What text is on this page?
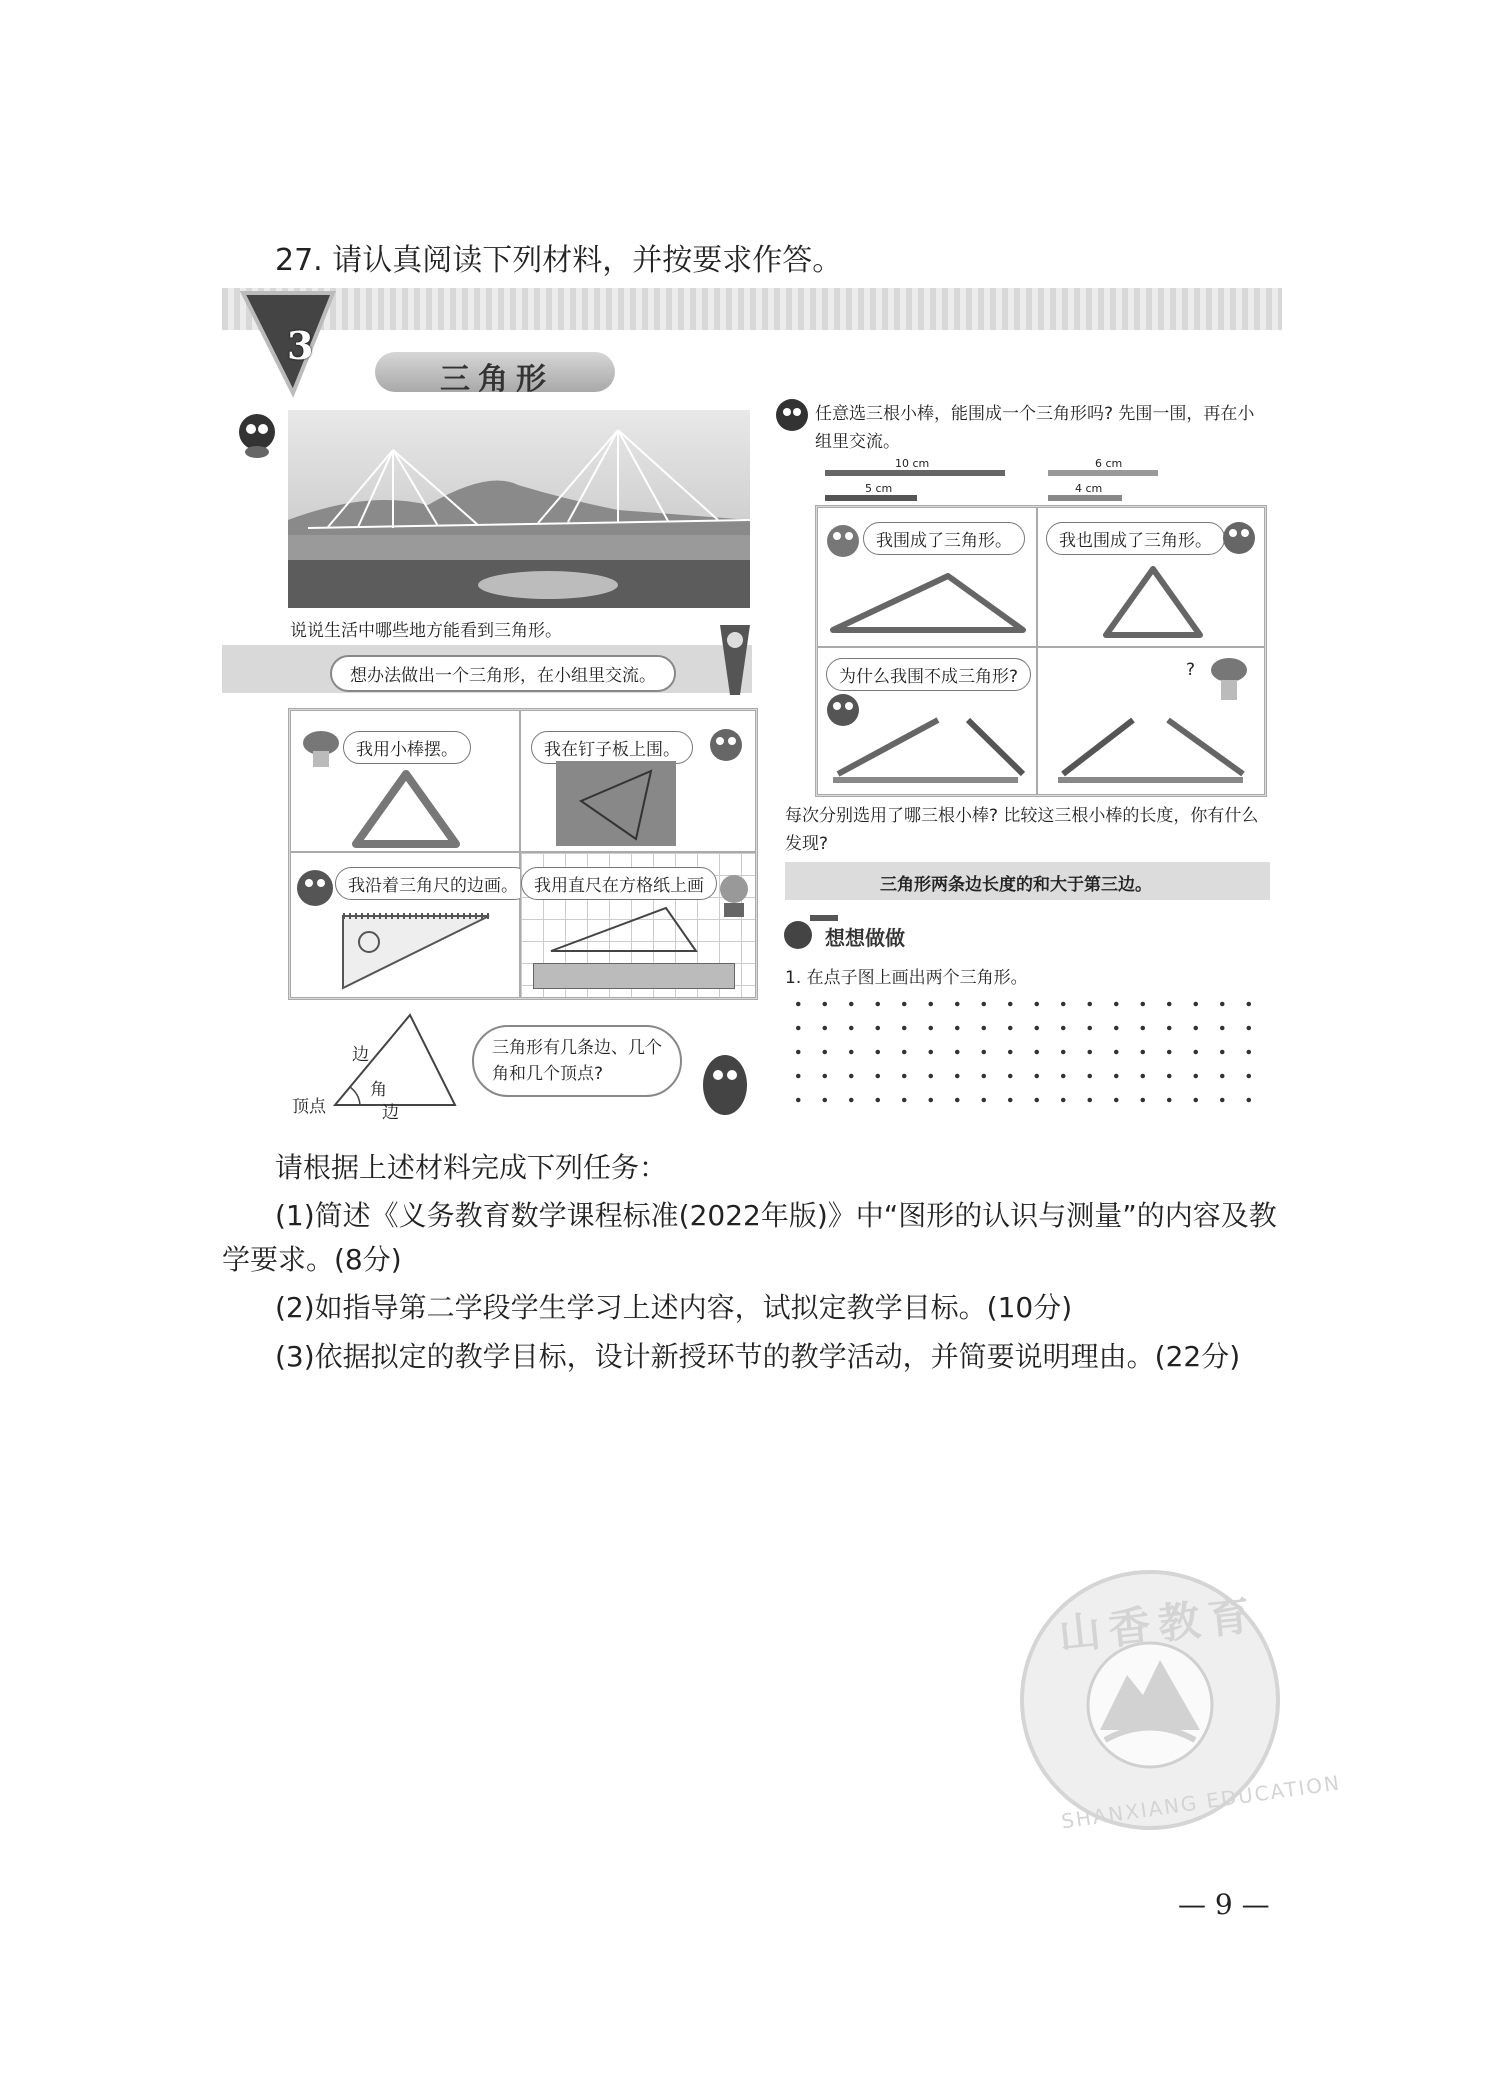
27. 请认真阅读下列材料，并按要求作答。
3
三角形
说说生活中哪些地方能看到三角形。
想办法做出一个三角形，在小组里交流。
我用小棒摆。	我在钉子板上围。
我沿着三角尺的边画。 我用直尺在方格纸上画
边
角
边
顶点
三角形有几条边、几个角和几个顶点?
任意选三根小棒，能围成一个三角形吗? 先围一围，再在小组里交流。
10 cm	6 cm
5 cm	4 cm
我围成了三角形。	我也围成了三角形。
为什么我围不成三角形?	?
每次分别选用了哪三根小棒? 比较这三根小棒的长度，你有什么发现?
三角形两条边长度的和大于第三边。
想想做做
1. 在点子图上画出两个三角形。
请根据上述材料完成下列任务：
(1)简述《义务教育数学课程标准(2022年版)》中“图形的认识与测量”的内容及教学要求。(8分)
(2)如指导第二学段学生学习上述内容，试拟定教学目标。(10分)
(3)依据拟定的教学目标，设计新授环节的教学活动，并简要说明理由。(22分)
山香教育
SHANXIANG EDUCATION
— 9 —
